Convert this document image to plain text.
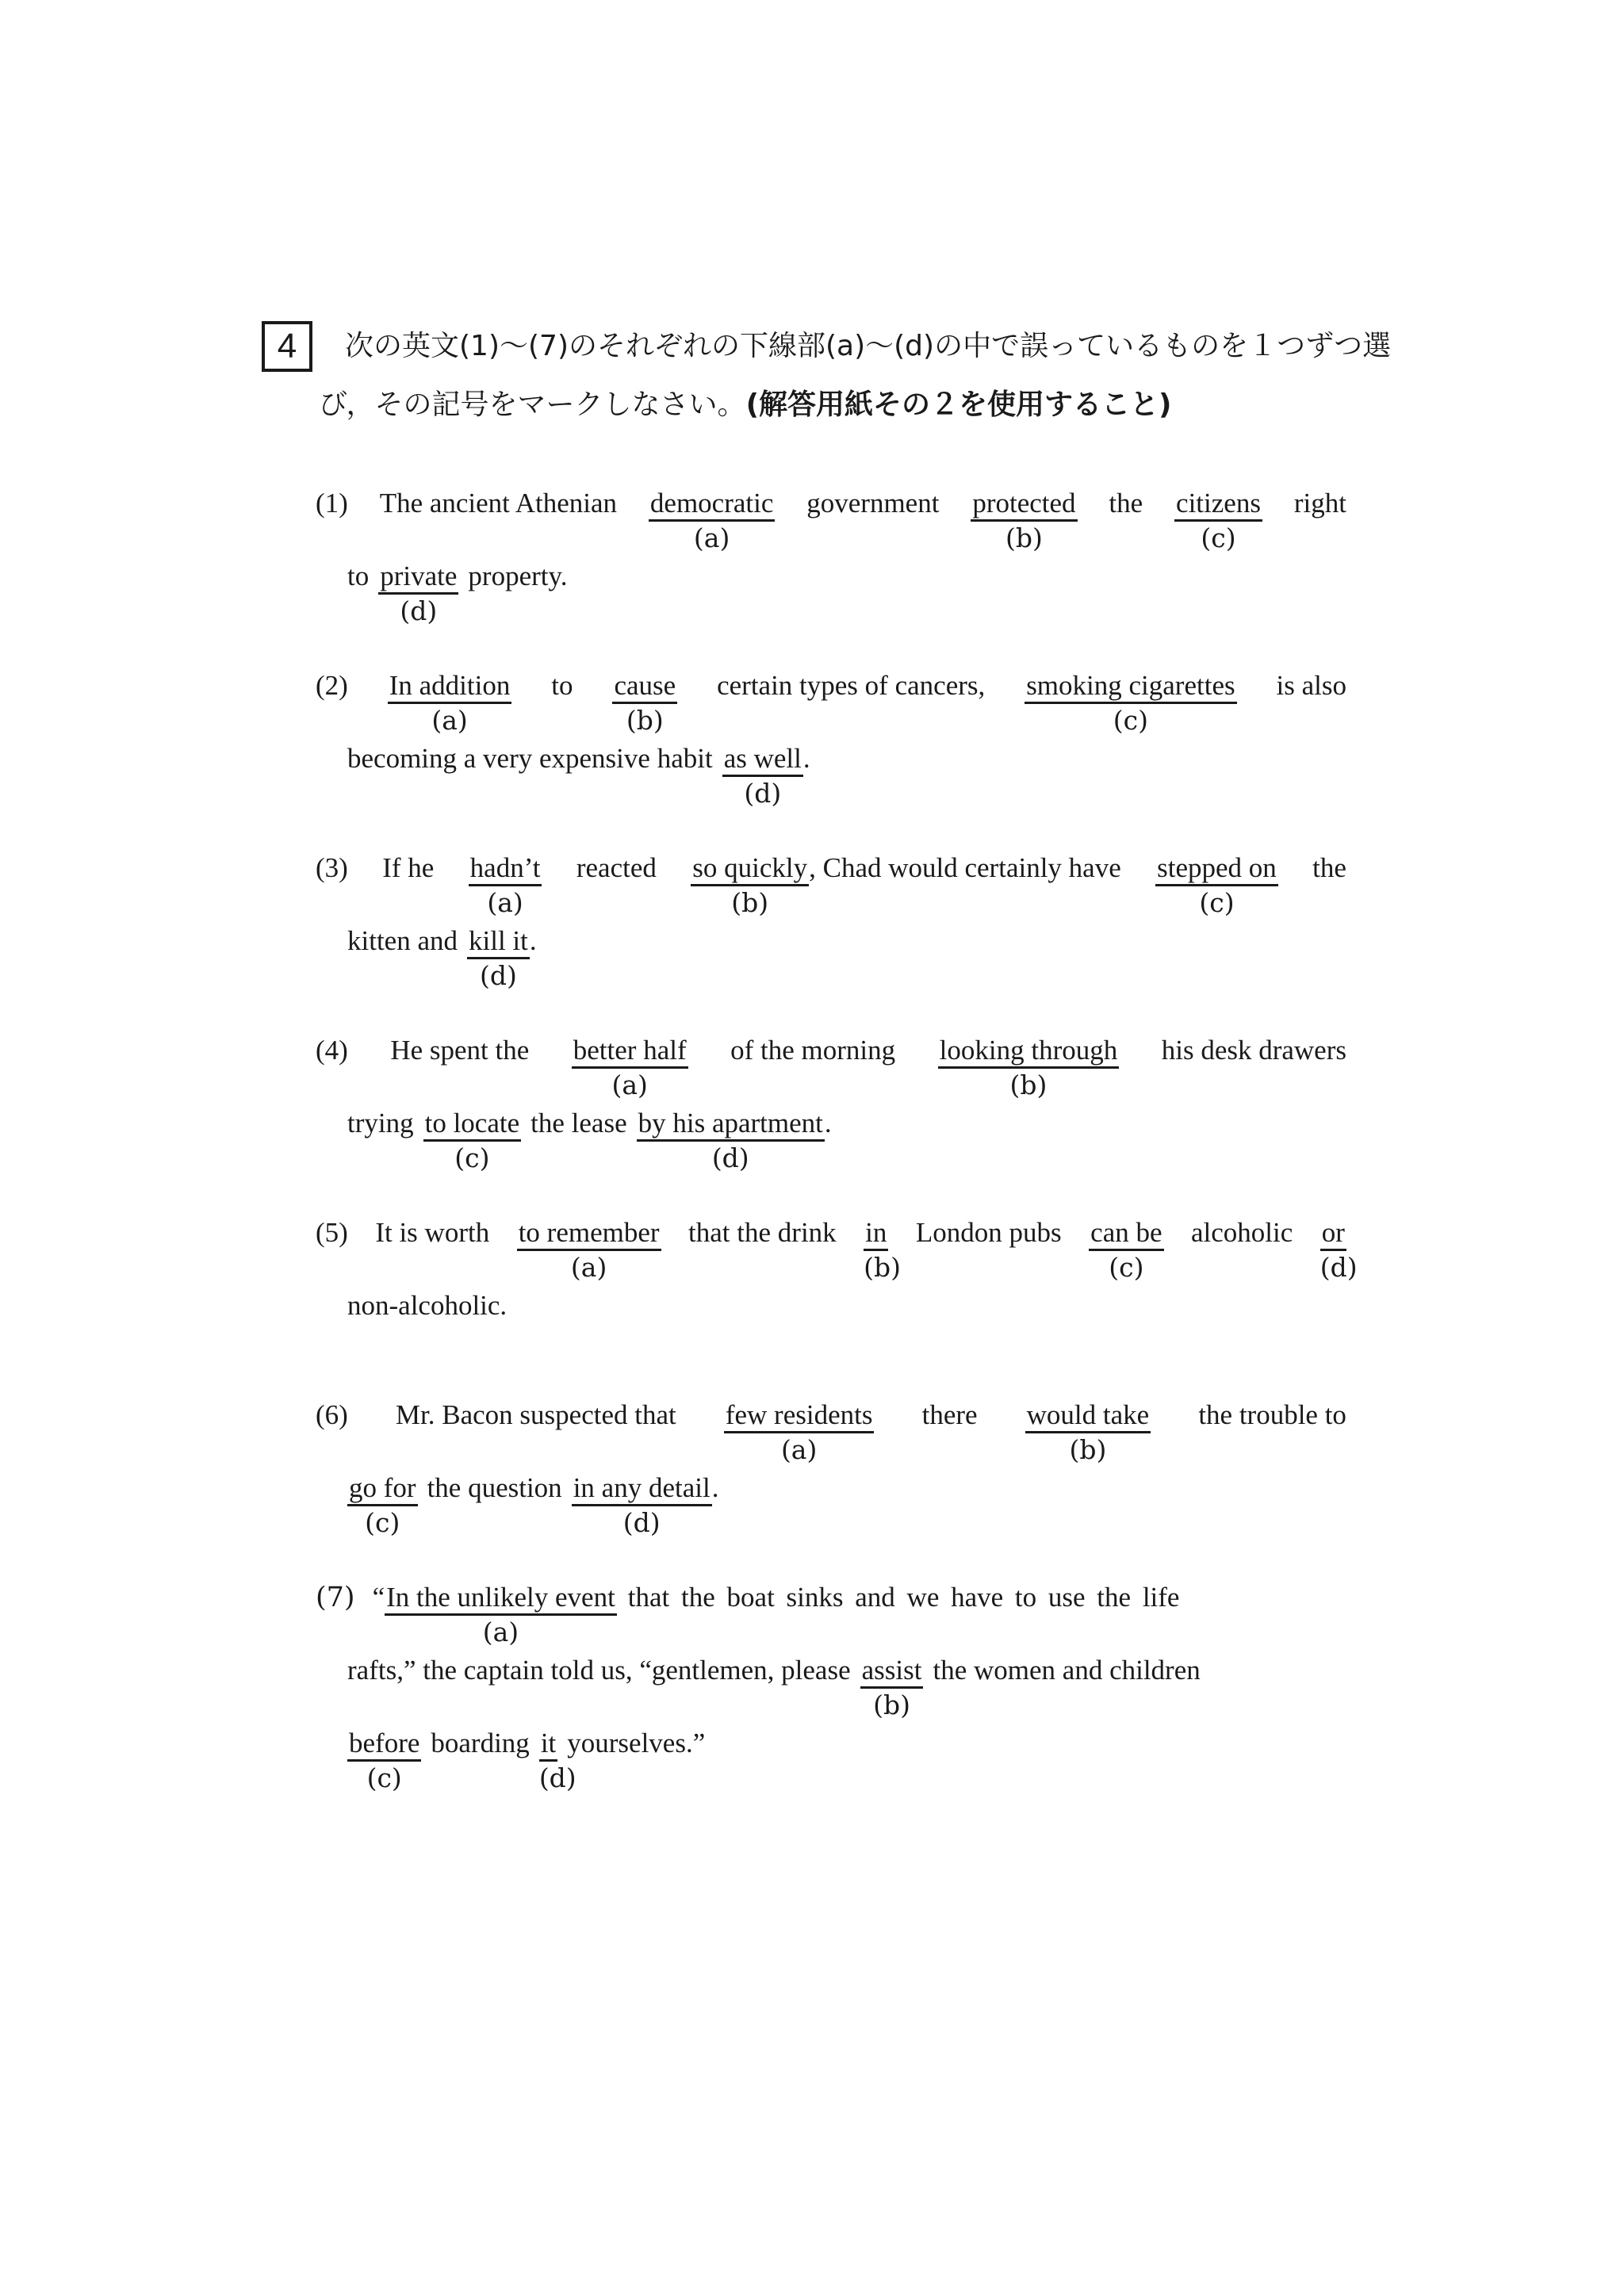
4	次の英文(1)～(7)のそれぞれの下線部(a)～(d)の中で誤っているものを１つずつ選
び，その記号をマークしなさい。(解答用紙その２を使用すること)
(1) The ancient Athenian democratic
(a)
government protected
(b)
the citizens
(c)
right
to private
(d)
property.
(2) In addition
(a)
to cause
(b)
certain types of cancers, smoking cigarettes
(c)
is also
becoming a very expensive habit as well
(d)
.
(3) If he hadn’t
(a)
reacted so quickly
(b)
, Chad would certainly have stepped on
(c)
the
kitten and kill it
(d)
.
(4) He spent the better half
(a)
of the morning looking through
(b)
his desk drawers
trying to locate
(c)
the lease by his apartment
(d)
.
(5) It is worth to remember
(a)
that the drink in
(b)
London pubs can be
(c)
alcoholic or
(d)
non-alcoholic.
(6) Mr. Bacon suspected that few residents
(a)
there would take
(b)
the trouble to
go for
(c)
the question in any detail
(d)
.
(7) “ In the unlikely event
(a)
that the boat sinks and we have to use the life
rafts,” the captain told us, “gentlemen, please assist
(b)
the women and children
before
(c)
boarding it
(d)
yourselves.”
